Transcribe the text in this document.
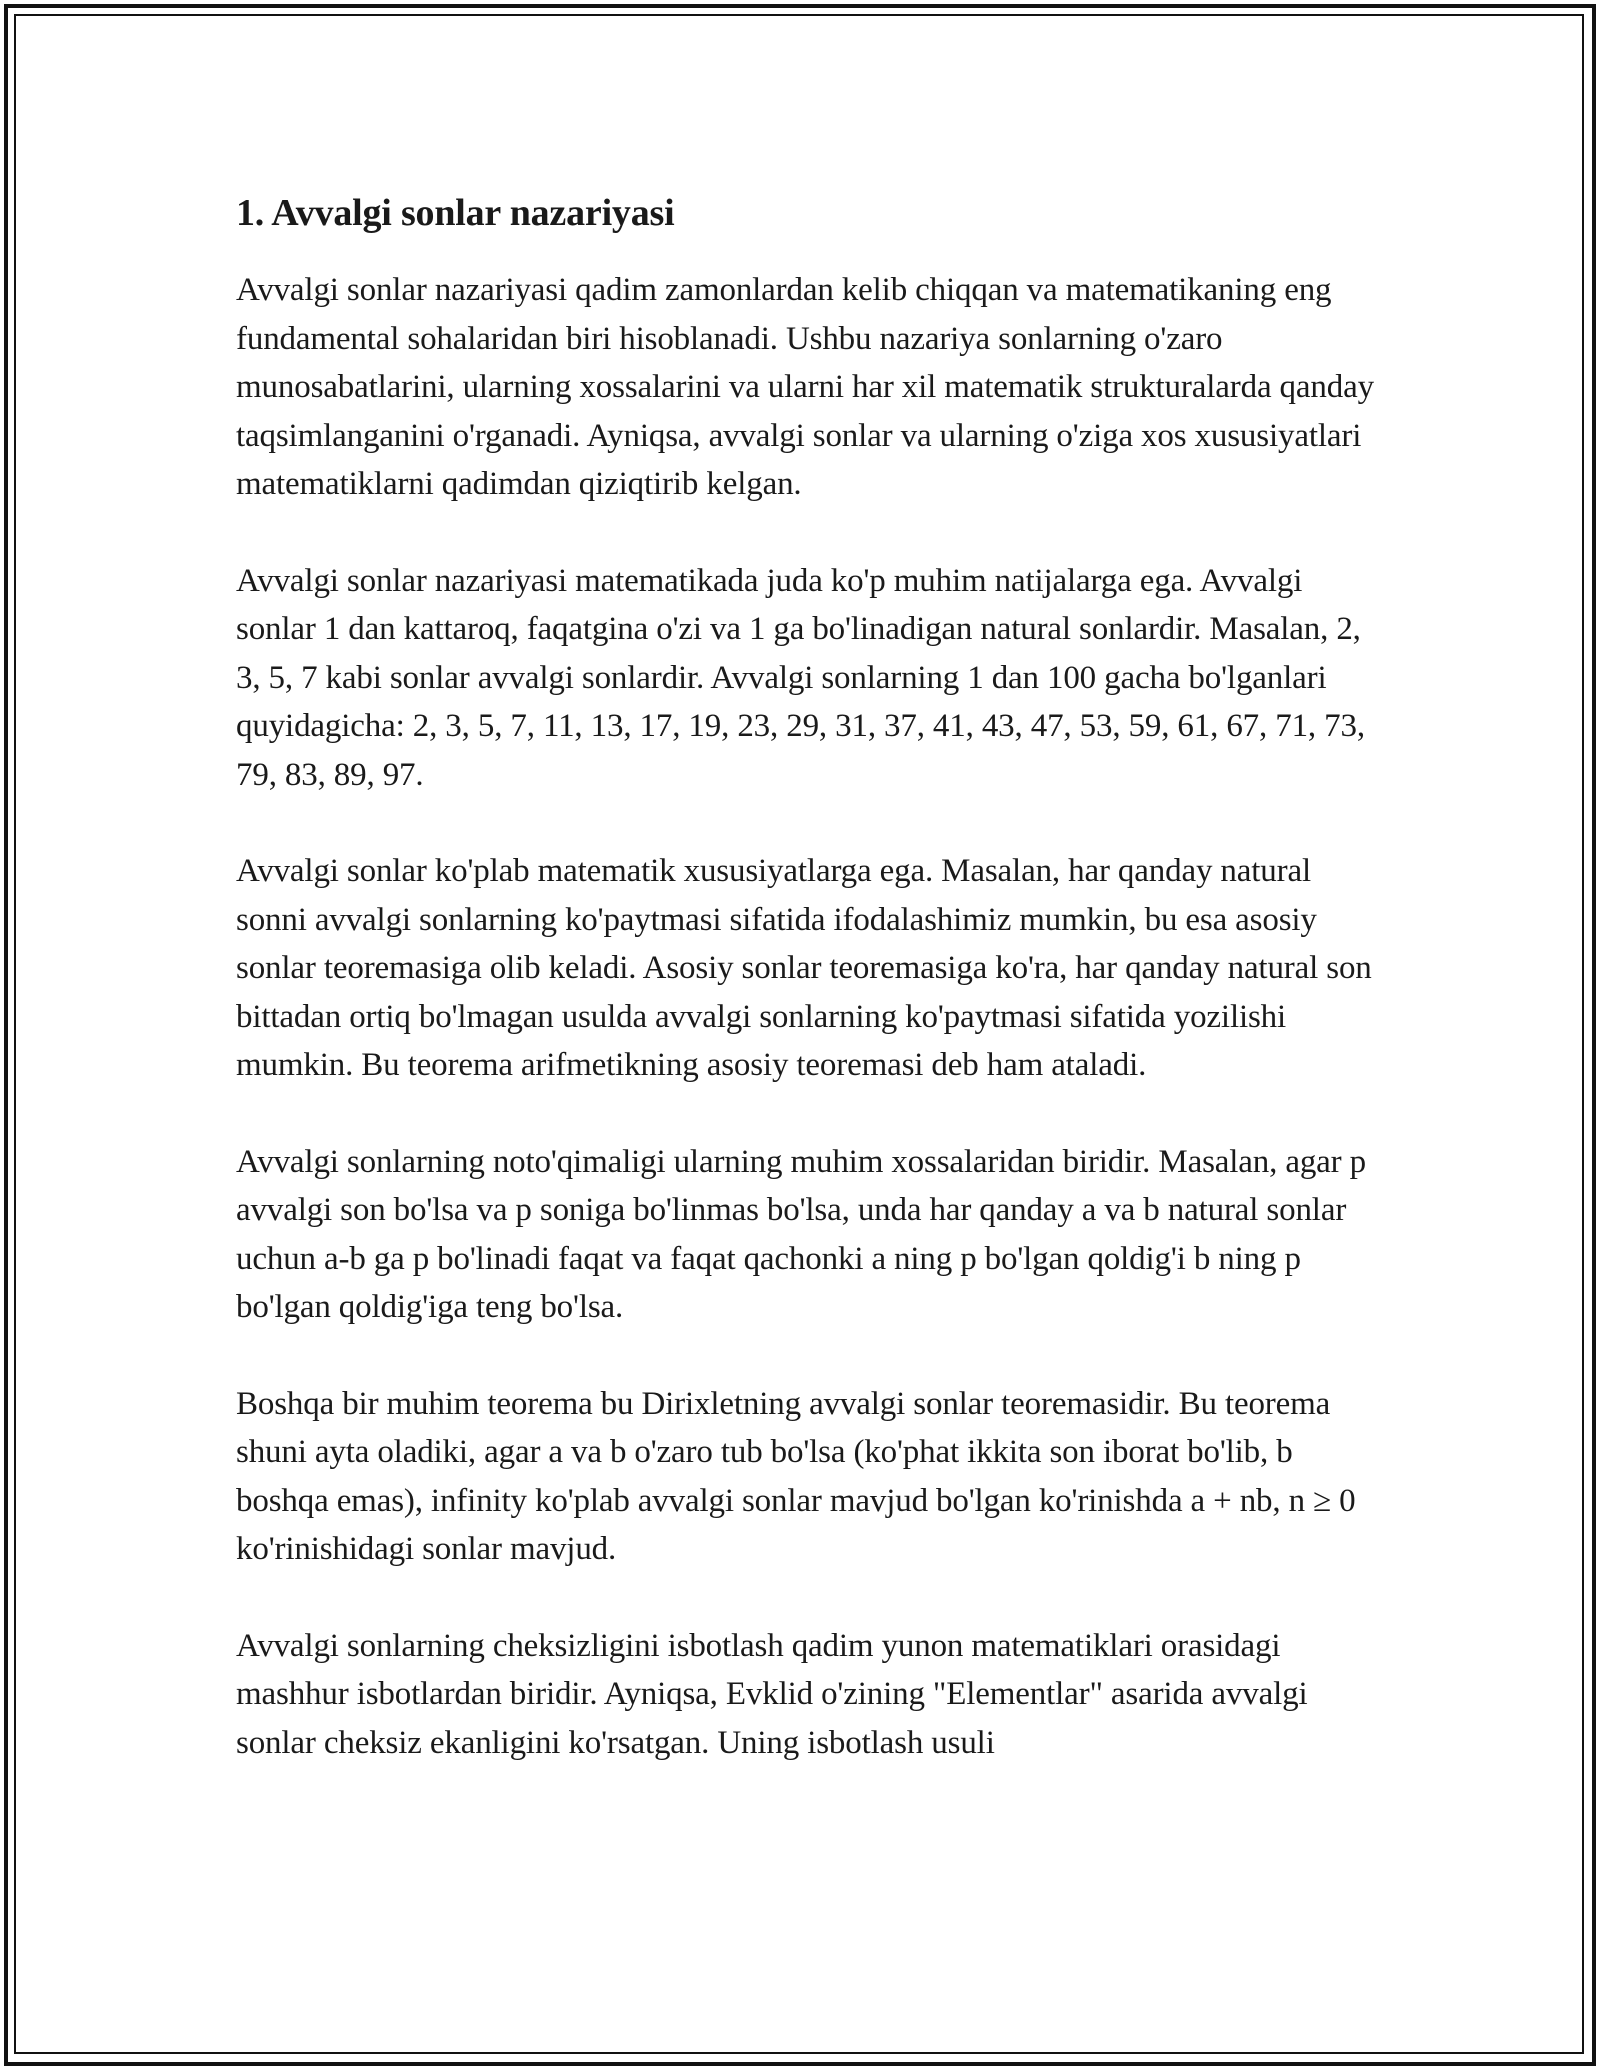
1. Avvalgi sonlar nazariyasi

Avvalgi sonlar nazariyasi qadim zamonlardan kelib chiqqan va matematikaning eng fundamental sohalaridan biri hisoblanadi. Ushbu nazariya sonlarning o'zaro munosabatlarini, ularning xossalarini va ularni har xil matematik strukturalarda qanday taqsimlanganini o'rganadi. Ayniqsa, avvalgi sonlar va ularning o'ziga xos xususiyatlari matematiklarni qadimdan qiziqtirib kelgan.

Avvalgi sonlar nazariyasi matematikada juda ko'p muhim natijalarga ega. Avvalgi sonlar 1 dan kattaroq, faqatgina o'zi va 1 ga bo'linadigan natural sonlardir. Masalan, 2, 3, 5, 7 kabi sonlar avvalgi sonlardir. Avvalgi sonlarning 1 dan 100 gacha bo'lganlari quyidagicha: 2, 3, 5, 7, 11, 13, 17, 19, 23, 29, 31, 37, 41, 43, 47, 53, 59, 61, 67, 71, 73, 79, 83, 89, 97.

Avvalgi sonlar ko'plab matematik xususiyatlarga ega. Masalan, har qanday natural sonni avvalgi sonlarning ko'paytmasi sifatida ifodalashimiz mumkin, bu esa asosiy sonlar teoremasiga olib keladi. Asosiy sonlar teoremasiga ko'ra, har qanday natural son bittadan ortiq bo'lmagan usulda avvalgi sonlarning ko'paytmasi sifatida yozilishi mumkin. Bu teorema arifmetikning asosiy teoremasi deb ham ataladi.

Avvalgi sonlarning noto'qimaligi ularning muhim xossalaridan biridir. Masalan, agar p avvalgi son bo'lsa va p soniga bo'linmas bo'lsa, unda har qanday a va b natural sonlar uchun a-b ga p bo'linadi faqat va faqat qachonki a ning p bo'lgan qoldig'i b ning p bo'lgan qoldig'iga teng bo'lsa.

Boshqa bir muhim teorema bu Dirixletning avvalgi sonlar teoremasidir. Bu teorema shuni ayta oladiki, agar a va b o'zaro tub bo'lsa (ko'phat ikkita son iborat bo'lib, b boshqa emas), infinity ko'plab avvalgi sonlar mavjud bo'lgan ko'rinishda a + nb, n ≥ 0 ko'rinishidagi sonlar mavjud.

Avvalgi sonlarning cheksizligini isbotlash qadim yunon matematiklari orasidagi mashhur isbotlardan biridir. Ayniqsa, Evklid o'zining "Elementlar" asarida avvalgi sonlar cheksiz ekanligini ko'rsatgan. Uning isbotlash usuli
